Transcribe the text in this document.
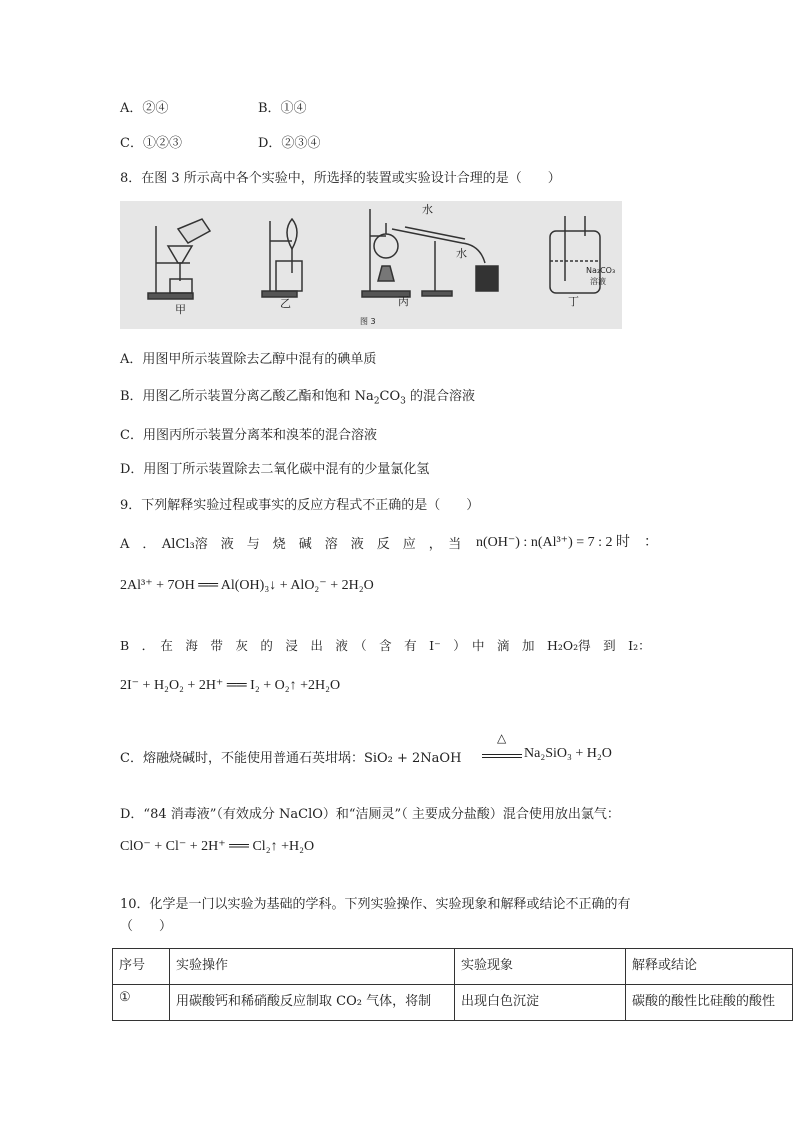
A．②④	B．①④
C．①②③	D．②③④
8．在图 3 所示高中各个实验中，所选择的装置或实验设计合理的是（　　）
甲	乙	丙	丁
水
水
Na₂CO₃
溶液
图 3
A．用图甲所示装置除去乙醇中混有的碘单质
B．用图乙所示装置分离乙酸乙酯和饱和 $Na_2CO_3$ 的混合溶液
C．用图丙所示装置分离苯和溴苯的混合溶液
D．用图丁所示装置除去二氧化碳中混有的少量氯化氢
9．下列解释实验过程或事实的反应方程式不正确的是（　　）
A　．　AlCl₃溶　液　与　烧　碱　溶　液　反　应　，　当 n(OH⁻) : n(Al³⁺) = 7 : 2 时　：
2Al³⁺ + 7OH ══ Al(OH)₃↓ + AlO₂⁻ + 2H₂O
B　．　在　海　带　灰　的　浸　出　液　（　含　有　I⁻　）　中　滴　加　H₂O₂得　到　I₂：
2I⁻ + H₂O₂ + 2H⁺ ══ I₂ + O₂↑ +2H₂O
C．熔融烧碱时，不能使用普通石英坩埚：SiO₂ + 2NaOH
△
Na₂SiO₃ + H₂O
D．“84 消毒液”（有效成分 NaClO）和“洁厕灵”（ 主要成分盐酸）混合使用放出氯气：
ClO⁻ + Cl⁻ + 2H⁺ ══ Cl₂↑ +H₂O
10．化学是一门以实验为基础的学科。下列实验操作、实验现象和解释或结论不正确的有
（　　）
序号	实验操作	实验现象	解释或结论
①	用碳酸钙和稀硝酸反应制取 CO₂ 气体，将制	出现白色沉淀	碳酸的酸性比硅酸的酸性
